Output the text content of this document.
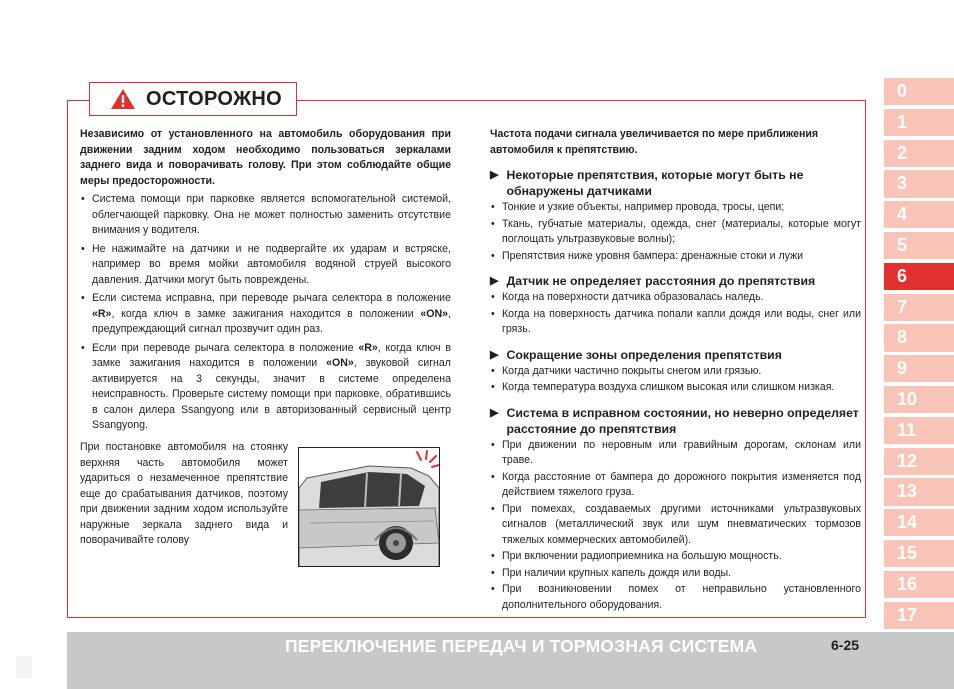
ОСТОРОЖНО
Независимо от установленного на автомобиль оборудования при движении задним ходом необходимо пользоваться зеркалами заднего вида и поворачивать голову. При этом соблюдайте общие меры предосторожности.
• Система помощи при парковке является вспомогательной системой, облегчающей парковку. Она не может полностью заменить отсутствие внимания у водителя.
• Не нажимайте на датчики и не подвергайте их ударам и встряске, например во время мойки автомобиля водяной струей высокого давления. Датчики могут быть повреждены.
• Если система исправна, при переводе рычага селектора в положение «R», когда ключ в замке зажигания находится в положении «ON», предупреждающий сигнал прозвучит один раз.
• Если при переводе рычага селектора в положение «R», когда ключ в замке зажигания находится в положении «ON», звуковой сигнал активируется на 3 секунды, значит в системе определена неисправность. Проверьте систему помощи при парковке, обратившись в салон дилера Ssangyong или в авторизованный сервисный центр Ssangyong.
При постановке автомобиля на стоянку верхняя часть автомобиля может удариться о незамеченное препятствие еще до срабатывания датчиков, поэтому при движении задним ходом используйте наружные зеркала заднего вида и поворачивайте голову
Частота подачи сигнала увеличивается по мере приближения автомобиля к препятствию.
▶ Некоторые препятствия, которые могут быть не обнаружены датчиками
• Тонкие и узкие объекты, например провода, тросы, цепи;
• Ткань, губчатые материалы, одежда, снег (материалы, которые могут поглощать ультразвуковые волны);
• Препятствия ниже уровня бампера: дренажные стоки и лужи
▶ Датчик не определяет расстояния до препятствия
• Когда на поверхности датчика образовалась наледь.
• Когда на поверхность датчика попали капли дождя или воды, снег или грязь.
▶ Сокращение зоны определения препятствия
• Когда датчики частично покрыты снегом или грязью.
• Когда температура воздуха слишком высокая или слишком низкая.
▶ Система в исправном состоянии, но неверно определяет расстояние до препятствия
• При движении по неровным или гравийным дорогам, склонам или траве.
• Когда расстояние от бампера до дорожного покрытия изменяется под действием тяжелого груза.
• При помехах, создаваемых другими источниками ультразвуковых сигналов (металлический звук или шум пневматических тормозов тяжелых коммерческих автомобилей).
• При включении радиоприемника на большую мощность.
• При наличии крупных капель дождя или воды.
• При возникновении помех от неправильно установленного дополнительного оборудования.
0
1
2
3
4
5
6
7
8
9
10
11
12
13
14
15
16
17
ПЕРЕКЛЮЧЕНИЕ ПЕРЕДАЧ И ТОРМОЗНАЯ СИСТЕМА	6-25
